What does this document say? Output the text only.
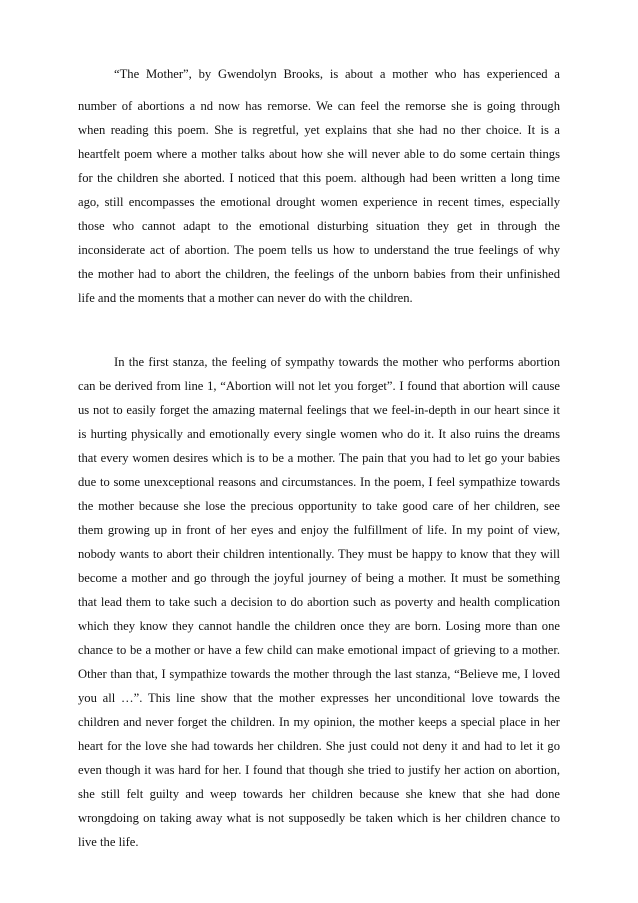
“The Mother”, by Gwendolyn Brooks, is about a mother who has experienced a
number of abortions a nd now has remorse. We can feel the remorse she is going through
when reading this poem. She is regretful, yet explains that she had no ther choice. It is a
heartfelt poem where a mother talks about how she will never able to do some certain things
for the children she aborted. I noticed that this poem. although had been written a long time
ago, still encompasses the emotional drought women experience in recent times, especially
those who cannot adapt to the emotional disturbing situation they get in through the
inconsiderate act of abortion. The poem tells us how to understand the true feelings of why
the mother had to abort the children, the feelings of the unborn babies from their unfinished
life and the moments that a mother can never do with the children.
In the first stanza, the feeling of sympathy towards the mother who performs abortion
can be derived from line 1, “Abortion will not let you forget”. I found that abortion will cause
us not to easily forget the amazing maternal feelings that we feel-in-depth in our heart since it
is hurting physically and emotionally every single women who do it. It also ruins the dreams
that every women desires which is to be a mother. The pain that you had to let go your babies
due to some unexceptional reasons and circumstances. In the poem, I feel sympathize towards
the mother because she lose the precious opportunity to take good care of her children, see
them growing up in front of her eyes and enjoy the fulfillment of life. In my point of view,
nobody wants to abort their children intentionally. They must be happy to know that they will
become a mother and go through the joyful journey of being a mother. It must be something
that lead them to take such a decision to do abortion such as poverty and health complication
which they know they cannot handle the children once they are born. Losing more than one
chance to be a mother or have a few child can make emotional impact of grieving to a mother.
Other than that, I sympathize towards the mother through the last stanza, “Believe me, I loved
you all …”. This line show that the mother expresses her unconditional love towards the
children and never forget the children. In my opinion, the mother keeps a special place in her
heart for the love she had towards her children. She just could not deny it and had to let it go
even though it was hard for her. I found that though she tried to justify her action on abortion,
she still felt guilty and weep towards her children because she knew that she had done
wrongdoing on taking away what is not supposedly be taken which is her children chance to
live the life.
